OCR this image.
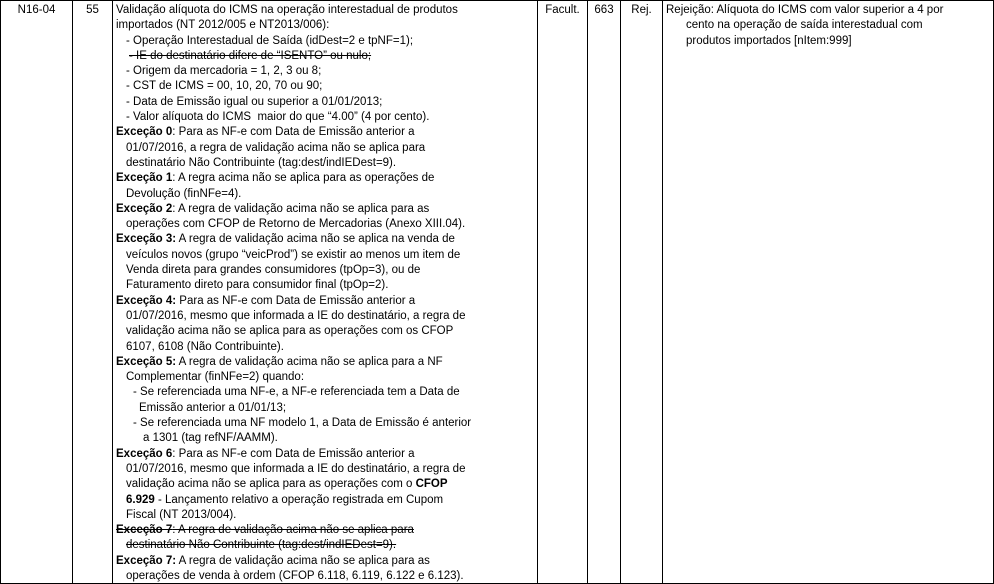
N16-04	55	Validação alíquota do ICMS na operação interestadual de produtos
importados (NT 2012/005 e NT2013/006):
- Operação Interestadual de Saída (idDest=2 e tpNF=1);
- IE do destinatário difere de “ISENTO” ou nulo;
- Origem da mercadoria = 1, 2, 3 ou 8;
- CST de ICMS = 00, 10, 20, 70 ou 90;
- Data de Emissão igual ou superior a 01/01/2013;
- Valor alíquota do ICMS  maior do que “4.00” (4 por cento).
Exceção 0: Para as NF-e com Data de Emissão anterior a
01/07/2016, a regra de validação acima não se aplica para
destinatário Não Contribuinte (tag:dest/indIEDest=9).
Exceção 1: A regra acima não se aplica para as operações de
Devolução (finNFe=4).
Exceção 2: A regra de validação acima não se aplica para as
operações com CFOP de Retorno de Mercadorias (Anexo XIII.04).
Exceção 3: A regra de validação acima não se aplica na venda de
veículos novos (grupo “veicProd”) se existir ao menos um item de
Venda direta para grandes consumidores (tpOp=3), ou de
Faturamento direto para consumidor final (tpOp=2).
Exceção 4: Para as NF-e com Data de Emissão anterior a
01/07/2016, mesmo que informada a IE do destinatário, a regra de
validação acima não se aplica para as operações com os CFOP
6107, 6108 (Não Contribuinte).
Exceção 5: A regra de validação acima não se aplica para a NF
Complementar (finNFe=2) quando:
- Se referenciada uma NF-e, a NF-e referenciada tem a Data de
Emissão anterior a 01/01/13;
- Se referenciada uma NF modelo 1, a Data de Emissão é anterior
a 1301 (tag refNF/AAMM).
Exceção 6: Para as NF-e com Data de Emissão anterior a
01/07/2016, mesmo que informada a IE do destinatário, a regra de
validação acima não se aplica para as operações com o CFOP
6.929 - Lançamento relativo a operação registrada em Cupom
Fiscal (NT 2013/004).
Exceção 7: A regra de validação acima não se aplica para
destinatário Não Contribuinte (tag:dest/indIEDest=9).
Exceção 7: A regra de validação acima não se aplica para as
operações de venda à ordem (CFOP 6.118, 6.119, 6.122 e 6.123).
Facult.	663	Rej.	Rejeição: Alíquota do ICMS com valor superior a 4 por
cento na operação de saída interestadual com
produtos importados [nItem:999]
